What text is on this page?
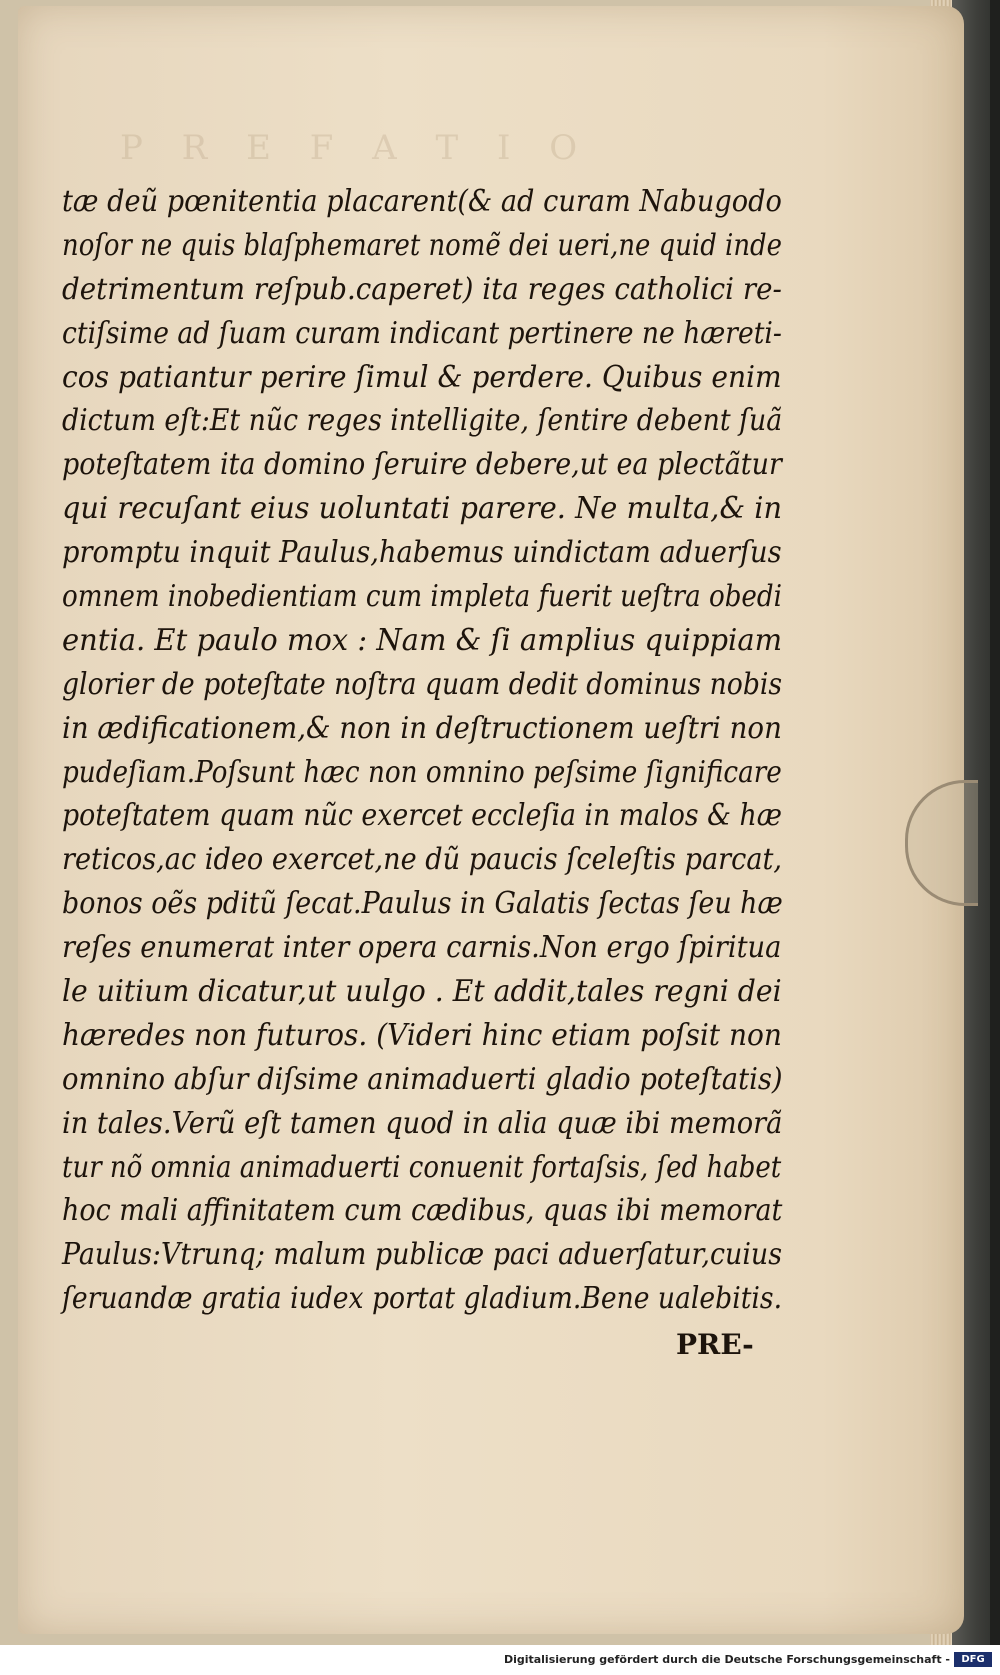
P R E F A T I O
tæ deũ pœnitentia placarent(& ad curam Nabugodo
noſor ne quis blaſphemaret nomẽ dei ueri,ne quid inde
detrimentum reſpub.caperet) ita reges catholici re-
ctiſsime ad ſuam curam indicant pertinere ne hæreti-
cos patiantur perire ſimul & perdere. Quibus enim
dictum eſt:Et nũc reges intelligite, ſentire debent ſuã
poteſtatem ita domino ſeruire debere,ut ea plectãtur
qui recuſant eius uoluntati parere. Ne multa,& in
promptu inquit Paulus,habemus uindictam aduerſus
omnem inobedientiam cum impleta fuerit ueſtra obedi
entia. Et paulo mox : Nam & ſi amplius quippiam
glorier de poteſtate noſtra quam dedit dominus nobis
in ædificationem,& non in deſtructionem ueſtri non
pudeſiam.Poſsunt hæc non omnino peſsime ſignificare
poteſtatem quam nũc exercet eccleſia in malos & hæ
reticos,ac ideo exercet,ne dũ paucis ſceleſtis parcat,
bonos oẽs pditũ ſecat.Paulus in Galatis ſectas ſeu hæ
reſes enumerat inter opera carnis.Non ergo ſpiritua
le uitium dicatur,ut uulgo . Et addit,tales regni dei
hæredes non futuros. (Videri hinc etiam poſsit non
omnino abſur diſsime animaduerti gladio poteſtatis)
in tales.Verũ eſt tamen quod in alia quæ ibi memorã
tur nõ omnia animaduerti conuenit fortaſsis, ſed habet
hoc mali affinitatem cum cædibus, quas ibi memorat
Paulus:Vtrunq; malum publicæ paci aduerſatur,cuius
ſeruandæ gratia iudex portat gladium.Bene ualebitis.
PRE-
Digitalisierung gefördert durch die Deutsche Forschungsgemeinschaft -	DFG
